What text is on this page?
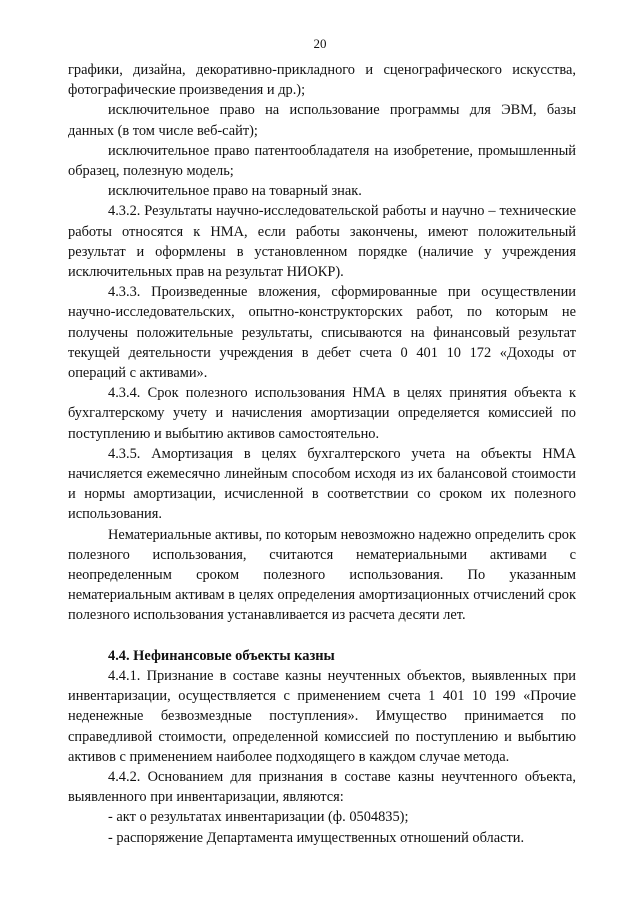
20

графики, дизайна, декоративно-прикладного и сценографического искусства, фотографические произведения и др.);

исключительное право на использование программы для ЭВМ, базы данных (в том числе веб-сайт);

исключительное право патентообладателя на изобретение, промышленный образец, полезную модель;

исключительное право на товарный знак.

4.3.2. Результаты научно-исследовательской работы и научно – технические работы относятся к НМА, если работы закончены, имеют положительный результат и оформлены в установленном порядке (наличие у учреждения исключительных прав на результат НИОКР).

4.3.3. Произведенные вложения, сформированные при осуществлении научно-исследовательских, опытно-конструкторских работ, по которым не получены положительные результаты, списываются на финансовый результат текущей деятельности учреждения в дебет счета 0 401 10 172 «Доходы от операций с активами».

4.3.4. Срок полезного использования НМА в целях принятия объекта к бухгалтерскому учету и начисления амортизации определяется комиссией по поступлению и выбытию активов самостоятельно.

4.3.5. Амортизация в целях бухгалтерского учета на объекты НМА начисляется ежемесячно линейным способом исходя из их балансовой стоимости и нормы амортизации, исчисленной в соответствии со сроком их полезного использования.

Нематериальные активы, по которым невозможно надежно определить срок полезного использования, считаются нематериальными активами с неопределенным сроком полезного использования. По указанным нематериальным активам в целях определения амортизационных отчислений срок полезного использования устанавливается из расчета десяти лет.

4.4. Нефинансовые объекты казны

4.4.1. Признание в составе казны неучтенных объектов, выявленных при инвентаризации, осуществляется с применением счета 1 401 10 199 «Прочие неденежные безвозмездные поступления». Имущество принимается по справедливой стоимости, определенной комиссией по поступлению и выбытию активов с применением наиболее подходящего в каждом случае метода.

4.4.2. Основанием для признания в составе казны неучтенного объекта, выявленного при инвентаризации, являются:

- акт о результатах инвентаризации (ф. 0504835);

- распоряжение Департамента имущественных отношений области.
